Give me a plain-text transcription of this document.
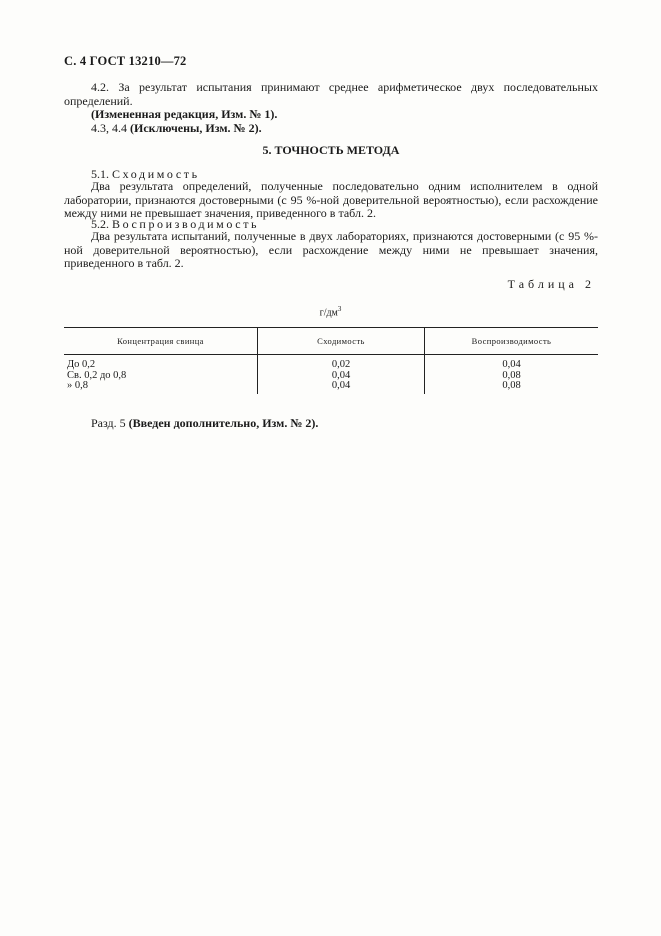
С. 4 ГОСТ 13210—72
4.2. За результат испытания принимают среднее арифметическое двух последовательных определений.
(Измененная редакция, Изм. № 1).
4.3, 4.4 (Исключены, Изм. № 2).
5. ТОЧНОСТЬ МЕТОДА
5.1. Сходимость
Два результата определений, полученные последовательно одним исполнителем в одной лаборатории, признаются достоверными (с 95 %-ной доверительной вероятностью), если расхождение между ними не превышает значения, приведенного в табл. 2.
5.2. Воспроизводимость
Два результата испытаний, полученные в двух лабораториях, признаются достоверными (с 95 %-ной доверительной вероятностью), если расхождение между ними не превышает значения, приведенного в табл. 2.
Таблица 2
$г/дм^3$
Концентрация свинца	Сходимость	Воспроизводимость
До 0,2	0,02	0,04
Св. 0,2 до 0,8	0,04	0,08
» 0,8	0,04	0,08
Разд. 5 (Введен дополнительно, Изм. № 2).
